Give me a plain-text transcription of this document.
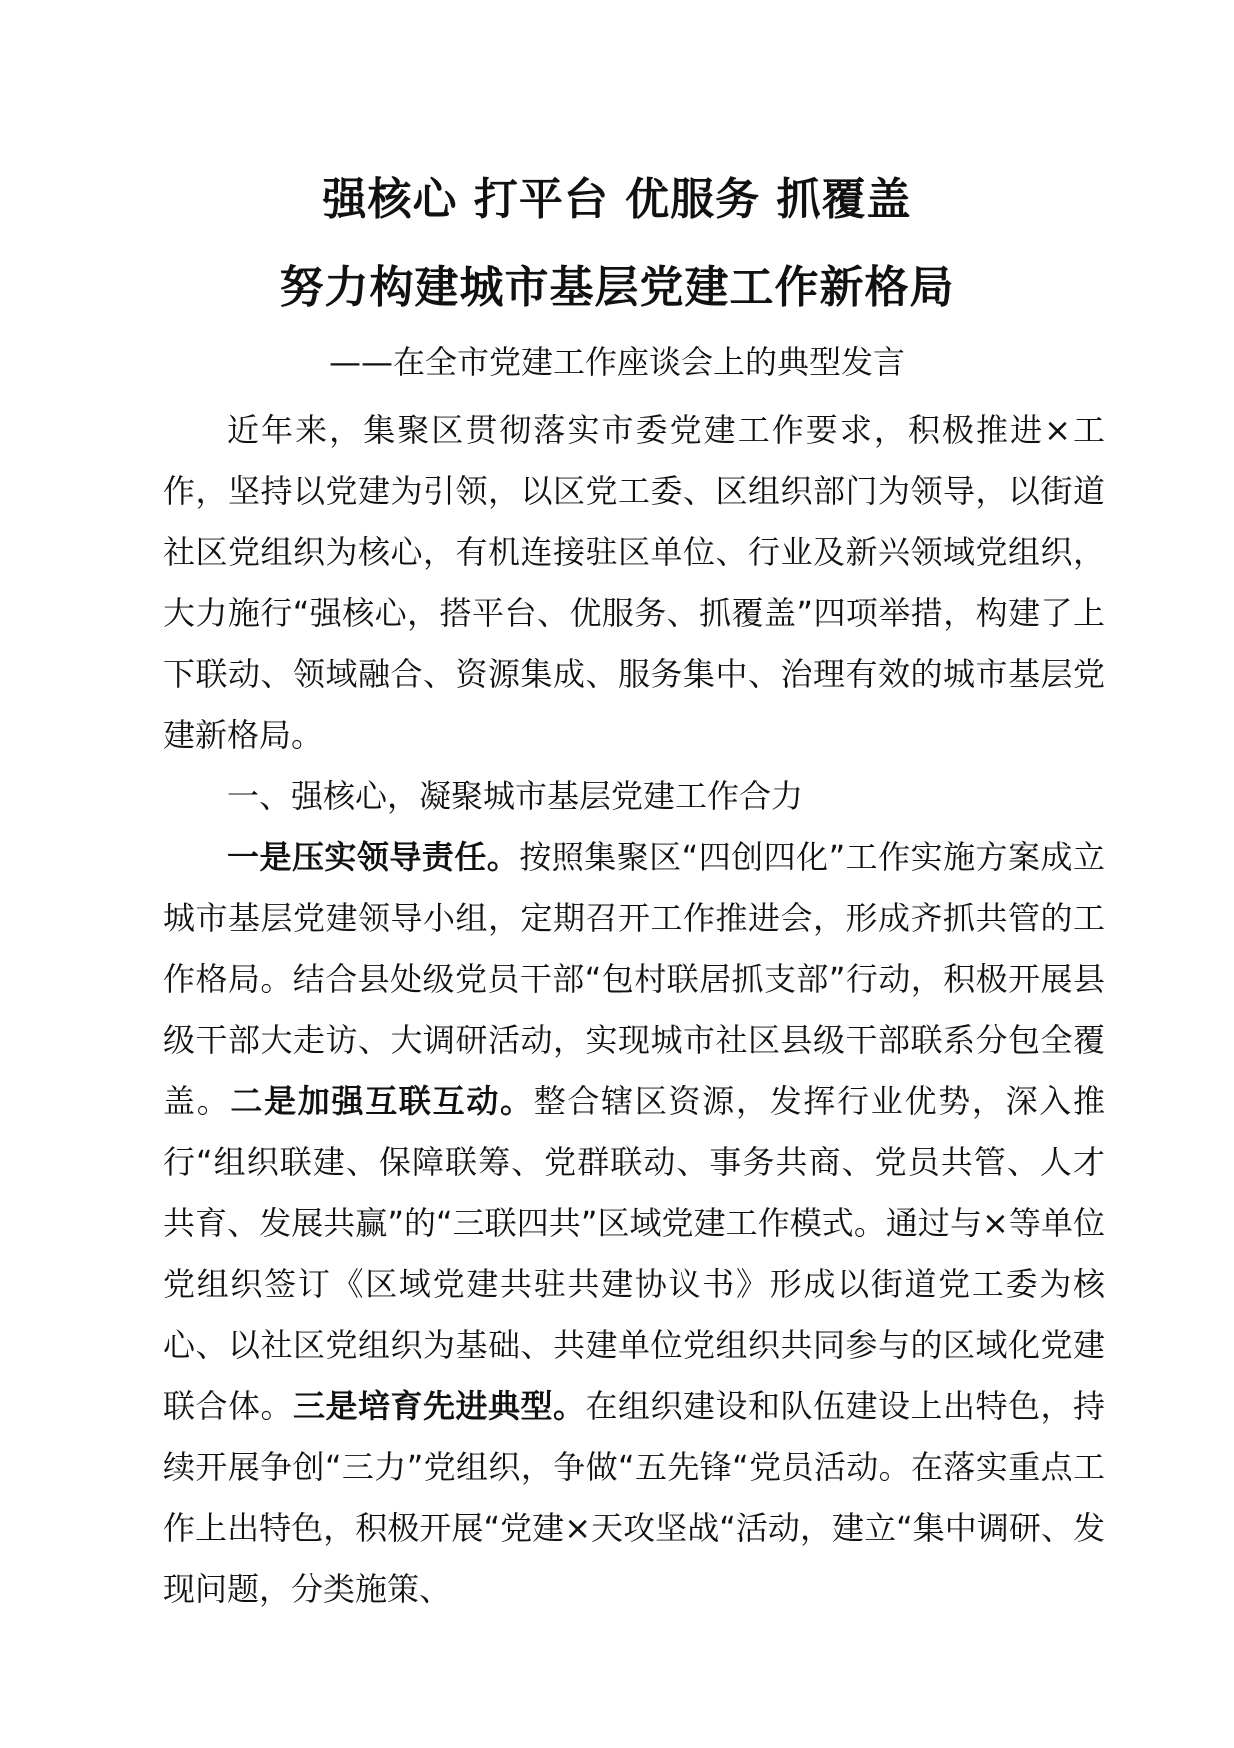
强核心 打平台 优服务 抓覆盖
努力构建城市基层党建工作新格局
——在全市党建工作座谈会上的典型发言

近年来，集聚区贯彻落实市委党建工作要求，积极推进×工作，坚持以党建为引领，以区党工委、区组织部门为领导，以街道社区党组织为核心，有机连接驻区单位、行业及新兴领域党组织，大力施行“强核心，搭平台、优服务、抓覆盖”四项举措，构建了上下联动、领域融合、资源集成、服务集中、治理有效的城市基层党建新格局。

一、强核心，凝聚城市基层党建工作合力

一是压实领导责任。按照集聚区“四创四化”工作实施方案成立城市基层党建领导小组，定期召开工作推进会，形成齐抓共管的工作格局。结合县处级党员干部“包村联居抓支部”行动，积极开展县级干部大走访、大调研活动，实现城市社区县级干部联系分包全覆盖。二是加强互联互动。整合辖区资源，发挥行业优势，深入推行“组织联建、保障联筹、党群联动、事务共商、党员共管、人才共育、发展共赢”的“三联四共”区域党建工作模式。通过与×等单位党组织签订《区域党建共驻共建协议书》形成以街道党工委为核心、以社区党组织为基础、共建单位党组织共同参与的区域化党建联合体。三是培育先进典型。在组织建设和队伍建设上出特色，持续开展争创“三力”党组织，争做“五先锋“党员活动。在落实重点工作上出特色，积极开展“党建×天攻坚战“活动，建立“集中调研、发现问题，分类施策、
